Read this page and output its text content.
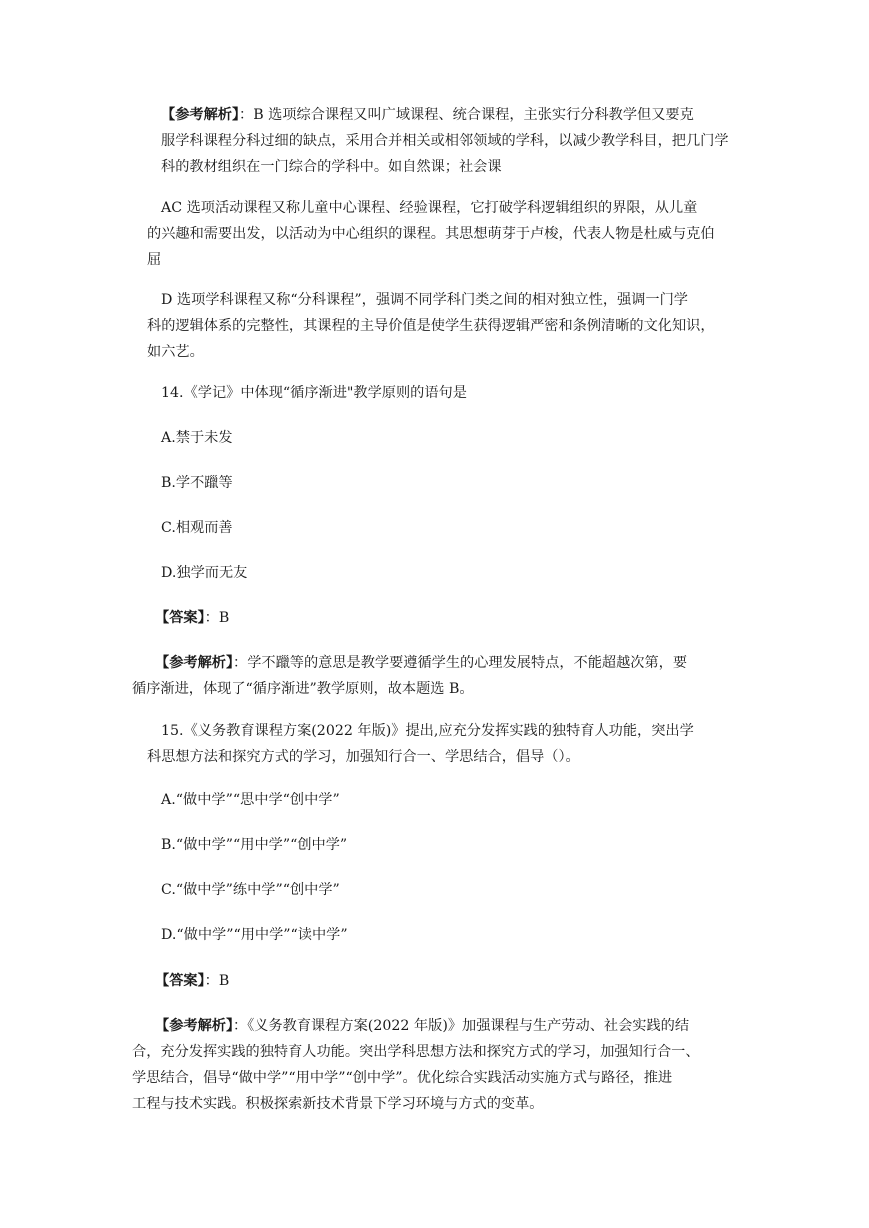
【参考解析】：B 选项综合课程又叫广域课程、统合课程，主张实行分科教学但又要克
服学科课程分科过细的缺点，采用合并相关或相邻领域的学科，以减少教学科目，把几门学
科的教材组织在一门综合的学科中。如自然课；社会课
AC 选项活动课程又称儿童中心课程、经验课程，它打破学科逻辑组织的界限，从儿童
的兴趣和需要出发，以活动为中心组织的课程。其思想萌芽于卢梭，代表人物是杜威与克伯
屈
D 选项学科课程又称“分科课程”，强调不同学科门类之间的相对独立性，强调一门学
科的逻辑体系的完整性，其课程的主导价值是使学生获得逻辑严密和条例清晰的文化知识，
如六艺。
14.《学记》中体现“循序渐进"教学原则的语句是
A.禁于未发
B.学不躐等
C.相观而善
D.独学而无友
【答案】：B
【参考解析】：学不躐等的意思是教学要遵循学生的心理发展特点，不能超越次第，要
循序渐进，体现了“循序渐进”教学原则，故本题选 B。
15.《义务教育课程方案(2022 年版)》提出,应充分发挥实践的独特育人功能，突出学
科思想方法和探究方式的学习，加强知行合一、学思结合，倡导（）。
A.“做中学”“思中学“创中学”
B.“做中学”“用中学”“创中学”
C.“做中学”练中学”“创中学”
D.“做中学”“用中学”“读中学”
【答案】：B
【参考解析】：《义务教育课程方案(2022 年版)》加强课程与生产劳动、社会实践的结
合，充分发挥实践的独特育人功能。突出学科思想方法和探究方式的学习，加强知行合一、
学思结合，倡导“做中学”“用中学”“创中学”。优化综合实践活动实施方式与路径，推进
工程与技术实践。积极探索新技术背景下学习环境与方式的变革。
